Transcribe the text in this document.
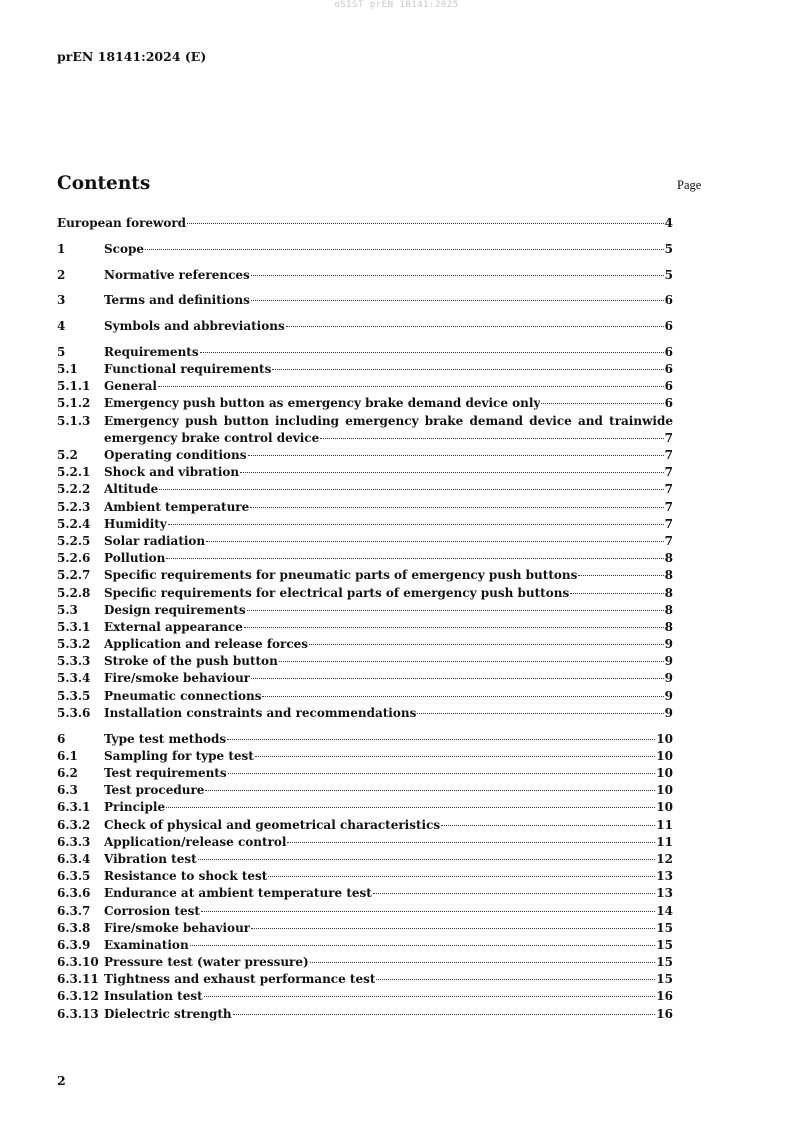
oSIST prEN 18141:2025
prEN 18141:2024 (E)
Contents	Page
European foreword	4
1	Scope	5
2	Normative references	5
3	Terms and definitions	6
4	Symbols and abbreviations	6
5	Requirements	6
5.1	Functional requirements	6
5.1.1	General	6
5.1.2	Emergency push button as emergency brake demand device only	6
5.1.3	Emergency push button including emergency brake demand device and trainwide
emergency brake control device	7
5.2	Operating conditions	7
5.2.1	Shock and vibration	7
5.2.2	Altitude	7
5.2.3	Ambient temperature	7
5.2.4	Humidity	7
5.2.5	Solar radiation	7
5.2.6	Pollution	8
5.2.7	Specific requirements for pneumatic parts of emergency push buttons	8
5.2.8	Specific requirements for electrical parts of emergency push buttons	8
5.3	Design requirements	8
5.3.1	External appearance	8
5.3.2	Application and release forces	9
5.3.3	Stroke of the push button	9
5.3.4	Fire/smoke behaviour	9
5.3.5	Pneumatic connections	9
5.3.6	Installation constraints and recommendations	9
6	Type test methods	10
6.1	Sampling for type test	10
6.2	Test requirements	10
6.3	Test procedure	10
6.3.1	Principle	10
6.3.2	Check of physical and geometrical characteristics	11
6.3.3	Application/release control	11
6.3.4	Vibration test	12
6.3.5	Resistance to shock test	13
6.3.6	Endurance at ambient temperature test	13
6.3.7	Corrosion test	14
6.3.8	Fire/smoke behaviour	15
6.3.9	Examination	15
6.3.10 Pressure test (water pressure)	15
6.3.11 Tightness and exhaust performance test	15
6.3.12 Insulation test	16
6.3.13 Dielectric strength	16
2
